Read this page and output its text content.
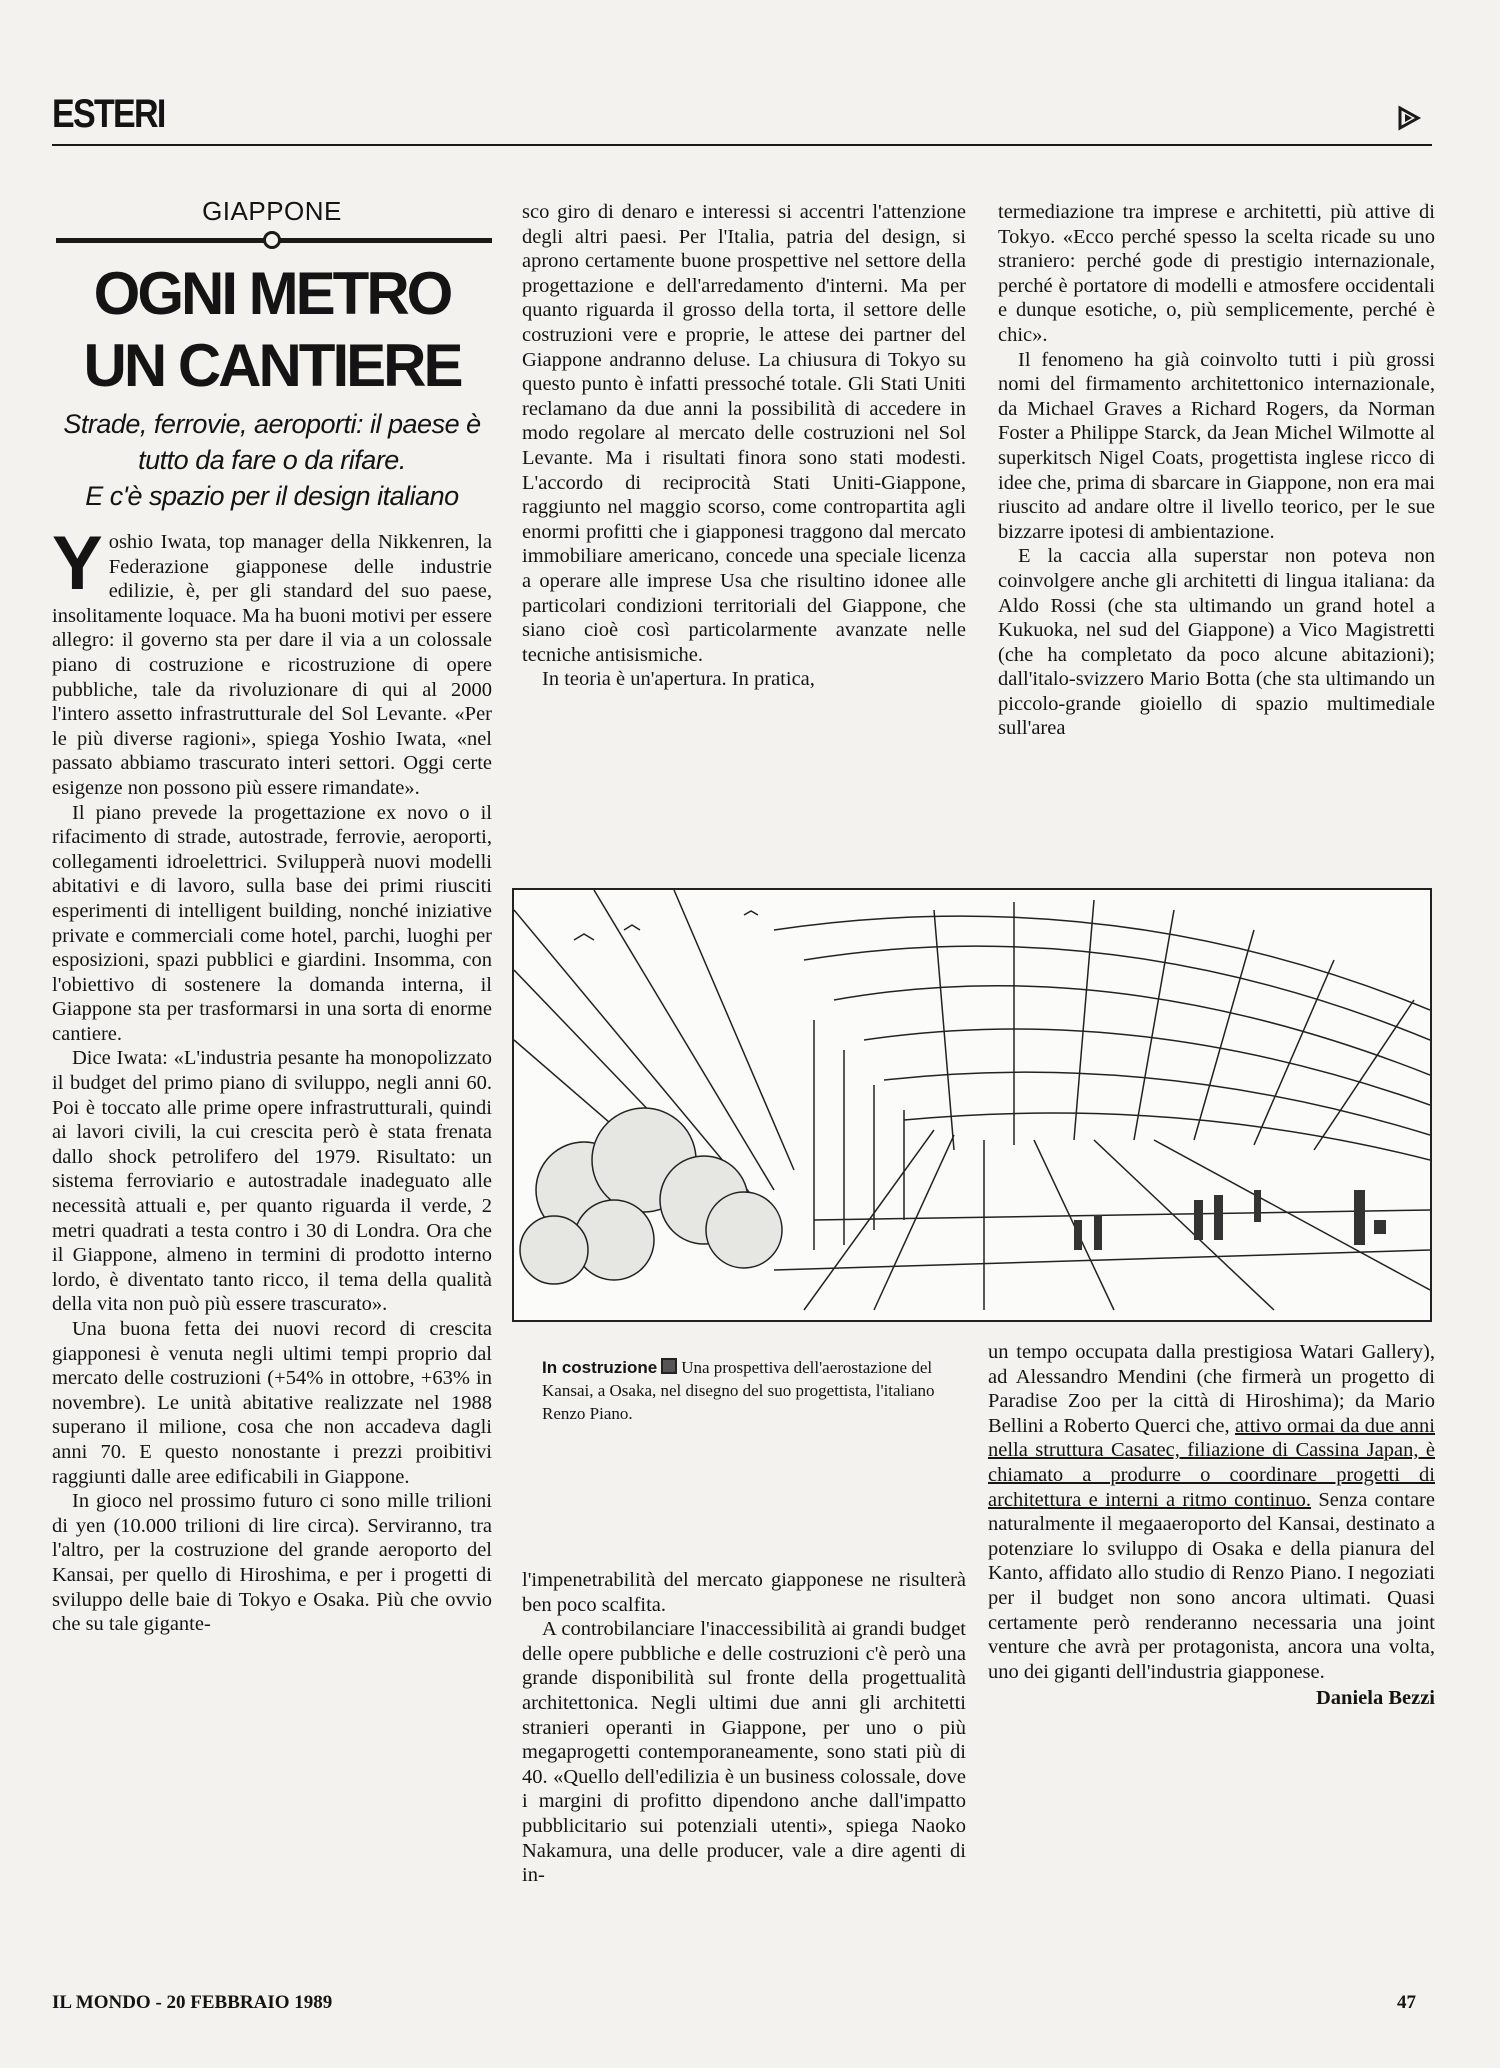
ESTERI
GIAPPONE
OGNI METRO
UN CANTIERE
Strade, ferrovie, aeroporti: il paese è
tutto da fare o da rifare.
E c'è spazio per il design italiano

Yoshio Iwata, top manager della Nikkenren, la Federazione giapponese delle industrie edilizie, è, per gli standard del suo paese, insolitamente loquace. Ma ha buoni motivi per essere allegro: il governo sta per dare il via a un colossale piano di costruzione e ricostruzione di opere pubbliche, tale da rivoluzionare di qui al 2000 l'intero assetto infrastrutturale del Sol Levante. «Per le più diverse ragioni», spiega Yoshio Iwata, «nel passato abbiamo trascurato interi settori. Oggi certe esigenze non possono più essere rimandate».

Il piano prevede la progettazione ex novo o il rifacimento di strade, autostrade, ferrovie, aeroporti, collegamenti idroelettrici. Svilupperà nuovi modelli abitativi e di lavoro, sulla base dei primi riusciti esperimenti di intelligent building, nonché iniziative private e commerciali come hotel, parchi, luoghi per esposizioni, spazi pubblici e giardini. Insomma, con l'obiettivo di sostenere la domanda interna, il Giappone sta per trasformarsi in una sorta di enorme cantiere.

Dice Iwata: «L'industria pesante ha monopolizzato il budget del primo piano di sviluppo, negli anni 60. Poi è toccato alle prime opere infrastrutturali, quindi ai lavori civili, la cui crescita però è stata frenata dallo shock petrolifero del 1979. Risultato: un sistema ferroviario e autostradale inadeguato alle necessità attuali e, per quanto riguarda il verde, 2 metri quadrati a testa contro i 30 di Londra. Ora che il Giappone, almeno in termini di prodotto interno lordo, è diventato tanto ricco, il tema della qualità della vita non può più essere trascurato».

Una buona fetta dei nuovi record di crescita giapponesi è venuta negli ultimi tempi proprio dal mercato delle costruzioni (+54% in ottobre, +63% in novembre). Le unità abitative realizzate nel 1988 superano il milione, cosa che non accadeva dagli anni 70. E questo nonostante i prezzi proibitivi raggiunti dalle aree edificabili in Giappone.

In gioco nel prossimo futuro ci sono mille trilioni di yen (10.000 trilioni di lire circa). Serviranno, tra l'altro, per la costruzione del grande aeroporto del Kansai, per quello di Hiroshima, e per i progetti di sviluppo delle baie di Tokyo e Osaka. Più che ovvio che su tale gigante-

sco giro di denaro e interessi si accentri l'attenzione degli altri paesi. Per l'Italia, patria del design, si aprono certamente buone prospettive nel settore della progettazione e dell'arredamento d'interni. Ma per quanto riguarda il grosso della torta, il settore delle costruzioni vere e proprie, le attese dei partner del Giappone andranno deluse. La chiusura di Tokyo su questo punto è infatti pressoché totale. Gli Stati Uniti reclamano da due anni la possibilità di accedere in modo regolare al mercato delle costruzioni nel Sol Levante. Ma i risultati finora sono stati modesti. L'accordo di reciprocità Stati Uniti-Giappone, raggiunto nel maggio scorso, come contropartita agli enormi profitti che i giapponesi traggono dal mercato immobiliare americano, concede una speciale licenza a operare alle imprese Usa che risultino idonee alle particolari condizioni territoriali del Giappone, che siano cioè così particolarmente avanzate nelle tecniche antisismiche.

In teoria è un'apertura. In pratica,

termediazione tra imprese e architetti, più attive di Tokyo. «Ecco perché spesso la scelta ricade su uno straniero: perché gode di prestigio internazionale, perché è portatore di modelli e atmosfere occidentali e dunque esotiche, o, più semplicemente, perché è chic».

Il fenomeno ha già coinvolto tutti i più grossi nomi del firmamento architettonico internazionale, da Michael Graves a Richard Rogers, da Norman Foster a Philippe Starck, da Jean Michel Wilmotte al superkitsch Nigel Coats, progettista inglese ricco di idee che, prima di sbarcare in Giappone, non era mai riuscito ad andare oltre il livello teorico, per le sue bizzarre ipotesi di ambientazione.

E la caccia alla superstar non poteva non coinvolgere anche gli architetti di lingua italiana: da Aldo Rossi (che sta ultimando un grand hotel a Kukuoka, nel sud del Giappone) a Vico Magistretti (che ha completato da poco alcune abitazioni); dall'italo-svizzero Mario Botta (che sta ultimando un piccolo-grande gioiello di spazio multimediale sull'area

In costruzione Una prospettiva dell'aerostazione del Kansai, a Osaka, nel disegno del suo progettista, l'italiano Renzo Piano.

l'impenetrabilità del mercato giapponese ne risulterà ben poco scalfita.

A controbilanciare l'inaccessibilità ai grandi budget delle opere pubbliche e delle costruzioni c'è però una grande disponibilità sul fronte della progettualità architettonica. Negli ultimi due anni gli architetti stranieri operanti in Giappone, per uno o più megaprogetti contemporaneamente, sono stati più di 40. «Quello dell'edilizia è un business colossale, dove i margini di profitto dipendono anche dall'impatto pubblicitario sui potenziali utenti», spiega Naoko Nakamura, una delle producer, vale a dire agenti di in-

un tempo occupata dalla prestigiosa Watari Gallery), ad Alessandro Mendini (che firmerà un progetto di Paradise Zoo per la città di Hiroshima); da Mario Bellini a Roberto Querci che, attivo ormai da due anni nella struttura Casatec, filiazione di Cassina Japan, è chiamato a produrre o coordinare progetti di architettura e interni a ritmo continuo. Senza contare naturalmente il megaaeroporto del Kansai, destinato a potenziare lo sviluppo di Osaka e della pianura del Kanto, affidato allo studio di Renzo Piano. I negoziati per il budget non sono ancora ultimati. Quasi certamente però renderanno necessaria una joint venture che avrà per protagonista, ancora una volta, uno dei giganti dell'industria giapponese.

Daniela Bezzi
IL MONDO - 20 FEBBRAIO 1989	47
